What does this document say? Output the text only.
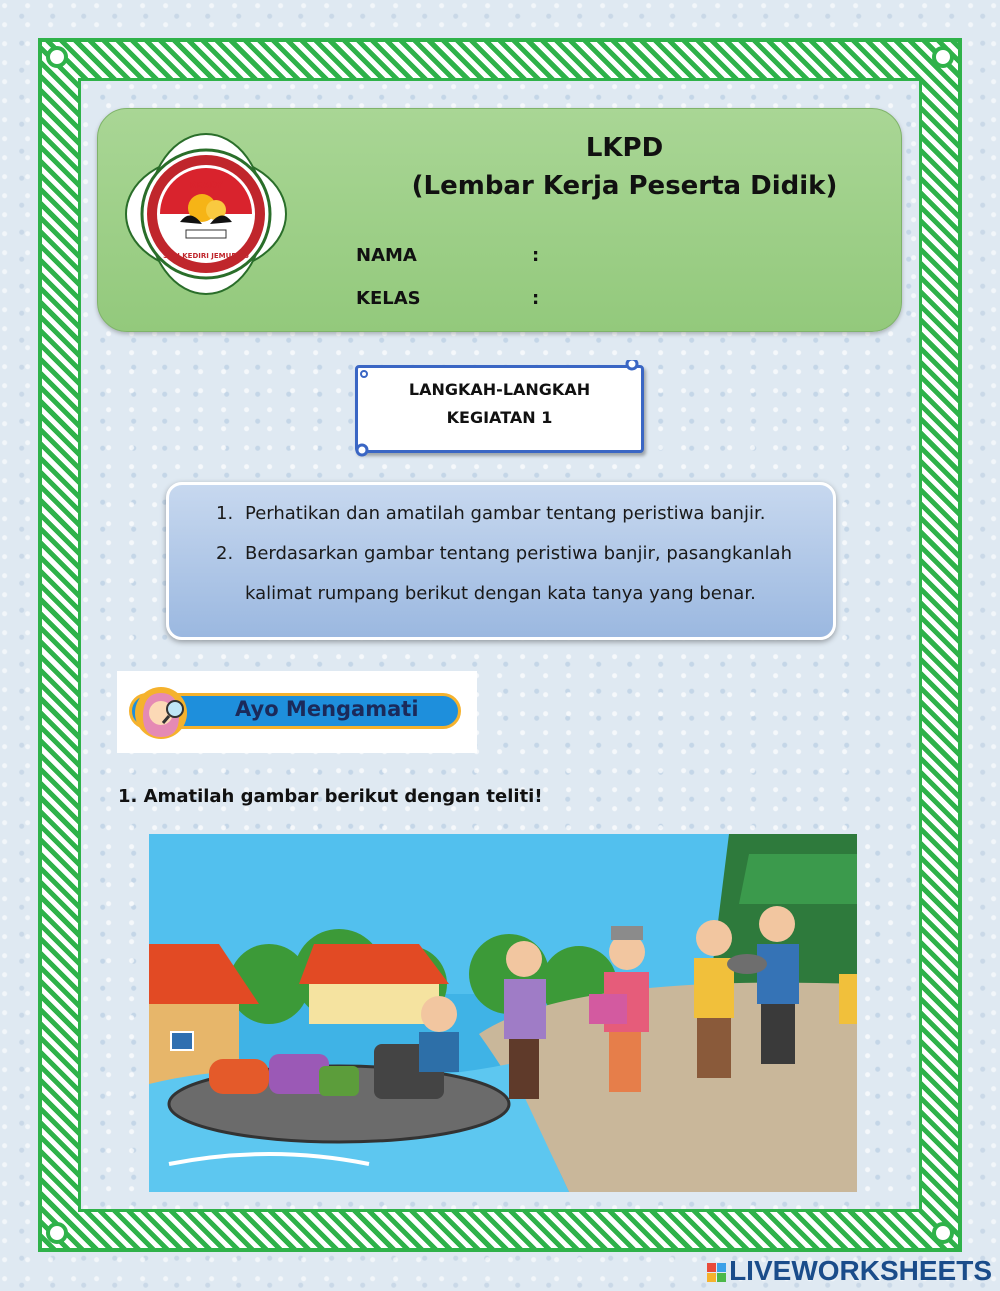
LKPD
(Lembar Kerja Peserta Didik)
NAMA	:
KELAS	:
READY
SDN KEDIRI JEMUR 06
LANGKAH-LANGKAH
KEGIATAN 1
1. Perhatikan dan amatilah gambar tentang peristiwa banjir.
2. Berdasarkan gambar tentang peristiwa banjir, pasangkanlah
kalimat rumpang berikut dengan kata tanya yang benar.
Ayo Mengamati
1. Amatilah gambar berikut dengan teliti!
LIVEWORKSHEETS
